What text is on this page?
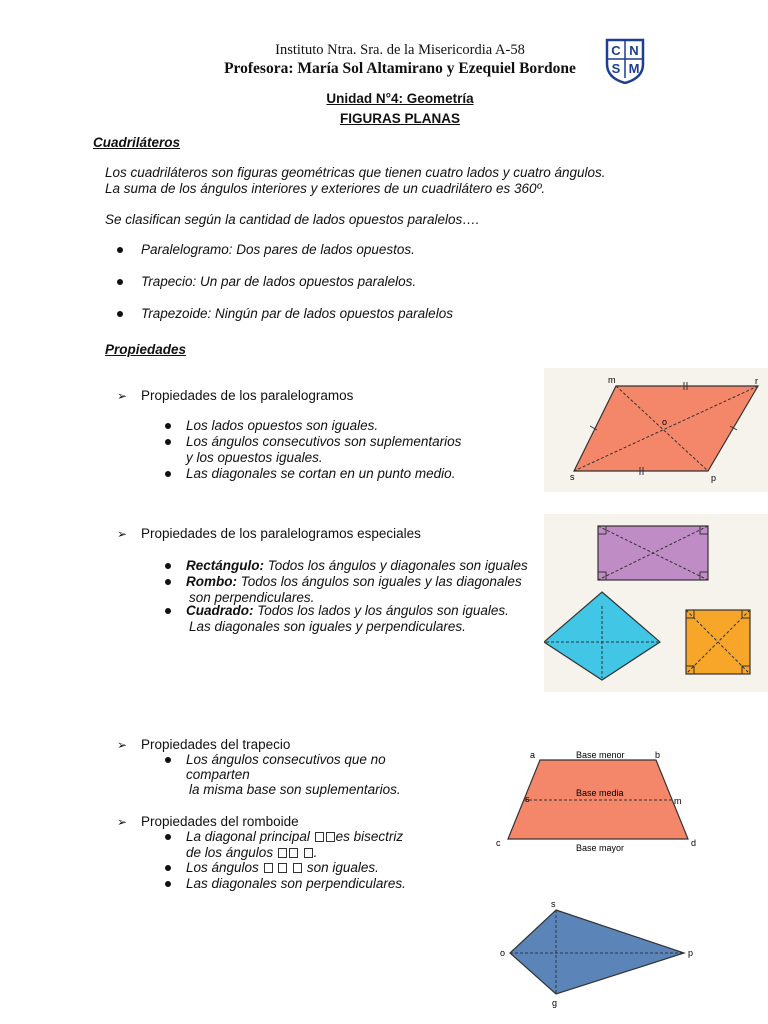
Instituto Ntra. Sra. de la Misericordia A-58
Profesora: María Sol Altamirano y Ezequiel Bordone
C N
S M
Unidad N°4: Geometría
FIGURAS PLANAS
Cuadriláteros
Los cuadriláteros son figuras geométricas que tienen cuatro lados y cuatro ángulos.
La suma de los ángulos interiores y exteriores de un cuadrilátero es 360º.
Se clasifican según la cantidad de lados opuestos paralelos….
Paralelogramo: Dos pares de lados opuestos.
Trapecio: Un par de lados opuestos paralelos.
Trapezoide: Ningún par de lados opuestos paralelos
Propiedades
➢ Propiedades de los paralelogramos
Los lados opuestos son iguales.
Los ángulos consecutivos son suplementarios
y los opuestos iguales.
Las diagonales se cortan en un punto medio.
➢ Propiedades de los paralelogramos especiales
Rectángulo: Todos los ángulos y diagonales son iguales
Rombo: Todos los ángulos son iguales y las diagonales
son perpendiculares.
Cuadrado: Todos los lados y los ángulos son iguales.
Las diagonales son iguales y perpendiculares.
➢ Propiedades del trapecio
Los ángulos consecutivos que no
comparten
la misma base son suplementarios.
➢ Propiedades del romboide
La diagonal principal es bisectriz
de los ángulos	.
Los ángulos	son iguales.
Las diagonales son perpendiculares.
m	r
s	p
o
a	b
c	d
s	m
Base menor
Base media
Base mayor
s
o	p
g
